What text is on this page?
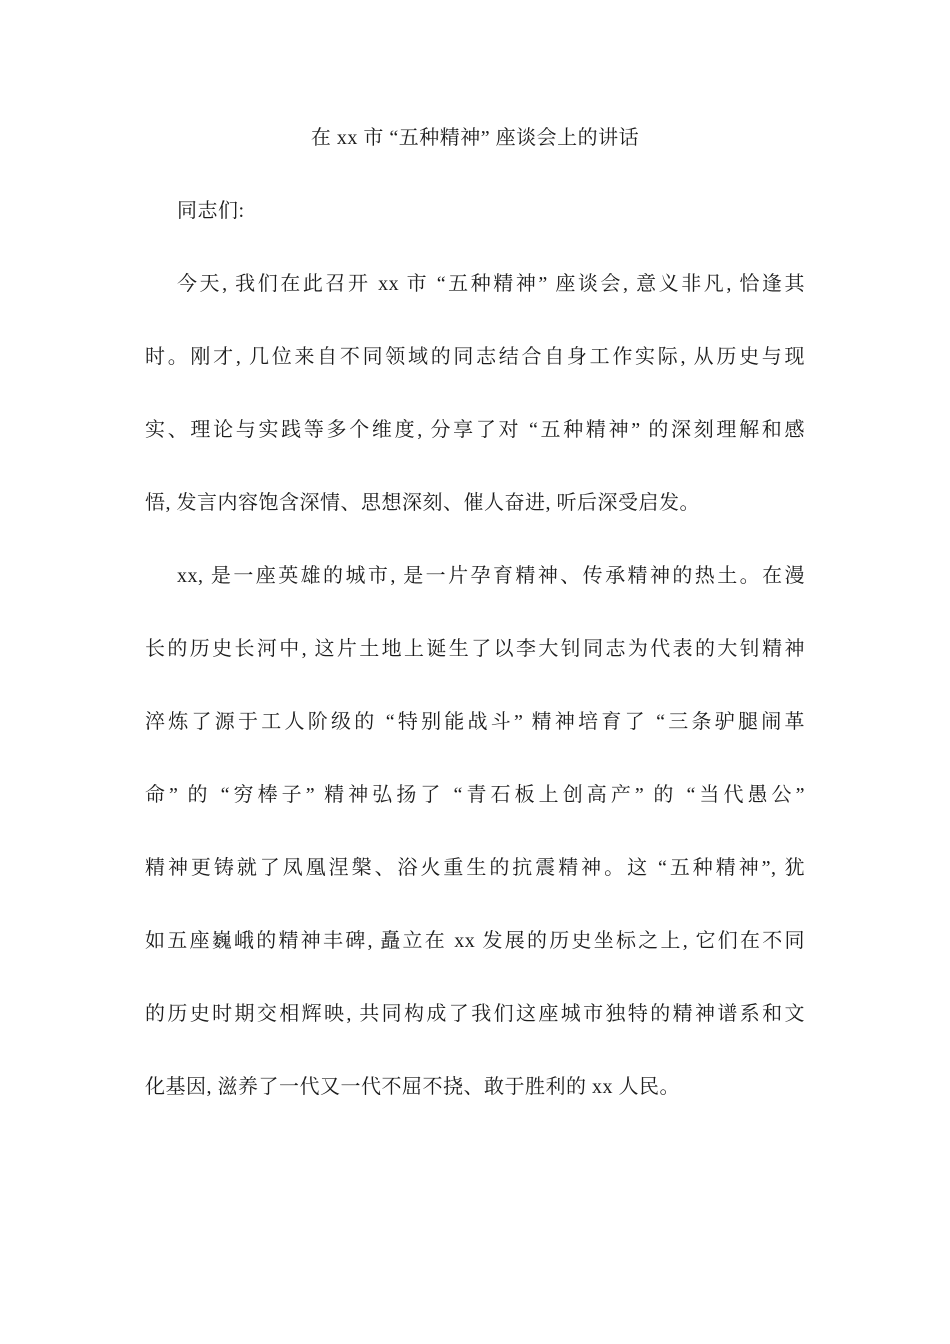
在 xx 市 “五种精神” 座谈会上的讲话
同志们:
今天, 我们在此召开 xx 市 “五种精神” 座谈会, 意义非凡, 恰逢其
时。刚才, 几位来自不同领域的同志结合自身工作实际, 从历史与现
实、理论与实践等多个维度, 分享了对 “五种精神” 的深刻理解和感
悟, 发言内容饱含深情、思想深刻、催人奋进, 听后深受启发。
xx, 是一座英雄的城市, 是一片孕育精神、传承精神的热土。在漫
长的历史长河中, 这片土地上诞生了以李大钊同志为代表的大钊精神
淬炼了源于工人阶级的 “特别能战斗” 精神培育了 “三条驴腿闹革
命” 的 “穷棒子” 精神弘扬了 “青石板上创高产” 的 “当代愚公”
精神更铸就了凤凰涅槃、浴火重生的抗震精神。这 “五种精神”, 犹
如五座巍峨的精神丰碑, 矗立在 xx 发展的历史坐标之上, 它们在不同
的历史时期交相辉映, 共同构成了我们这座城市独特的精神谱系和文
化基因, 滋养了一代又一代不屈不挠、敢于胜利的 xx 人民。
